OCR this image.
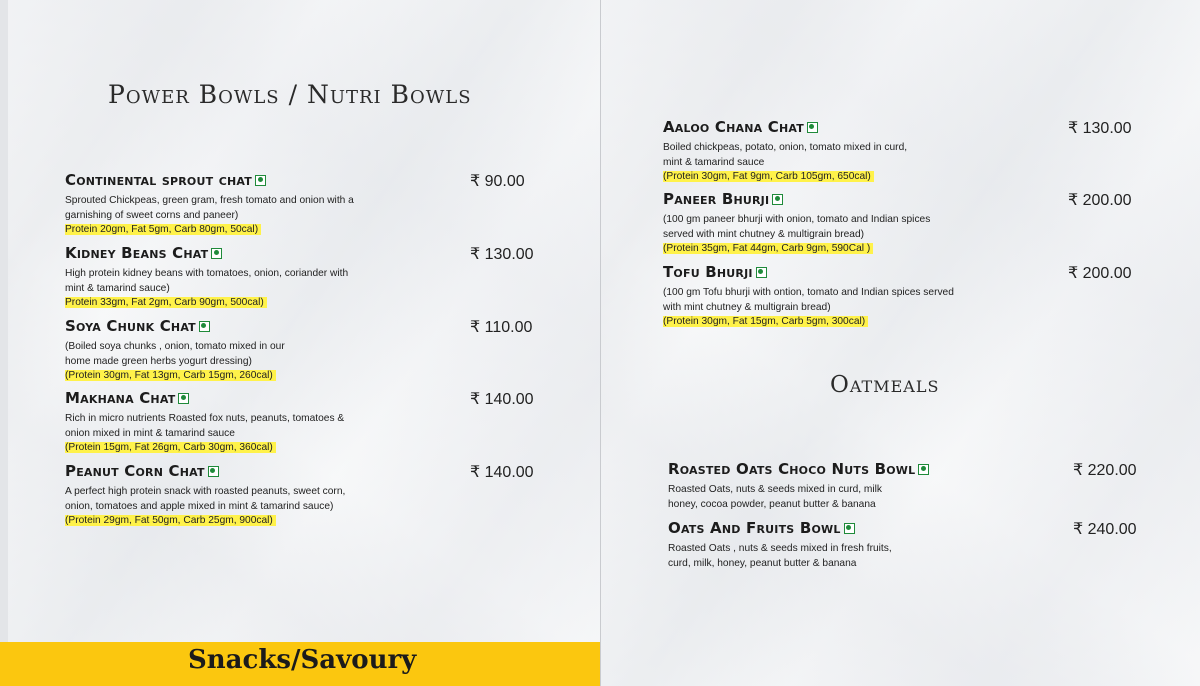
Power Bowls / Nutri Bowls
Continental sprout chat	₹ 90.00
Sprouted Chickpeas, green gram, fresh tomato and onion with a garnishing of sweet corns and paneer)
Protein 20gm, Fat 5gm, Carb 80gm, 50cal)
Kidney Beans Chat	₹ 130.00
High protein kidney beans with tomatoes, onion, coriander with mint & tamarind sauce)
Protein 33gm, Fat 2gm, Carb 90gm, 500cal)
Soya Chunk Chat	₹ 110.00
(Boiled soya chunks , onion, tomato mixed in our home made green herbs yogurt dressing)
(Protein 30gm, Fat 13gm, Carb 15gm, 260cal)
Makhana Chat	₹ 140.00
Rich in micro nutrients Roasted fox nuts, peanuts, tomatoes & onion mixed in mint & tamarind sauce
(Protein 15gm, Fat 26gm, Carb 30gm, 360cal)
Peanut Corn Chat	₹ 140.00
A perfect high protein snack with roasted peanuts, sweet corn, onion, tomatoes and apple mixed in mint & tamarind sauce)
(Protein 29gm, Fat 50gm, Carb 25gm, 900cal)
Snacks/Savoury
Aaloo Chana Chat	₹ 130.00
Boiled chickpeas, potato, onion, tomato mixed in curd, mint & tamarind sauce
(Protein 30gm, Fat 9gm, Carb 105gm, 650cal)
Paneer Bhurji	₹ 200.00
(100 gm paneer bhurji with onion, tomato and Indian spices served with mint chutney & multigrain bread)
(Protein 35gm, Fat 44gm, Carb 9gm, 590Cal )
Tofu Bhurji	₹ 200.00
(100 gm Tofu bhurji with ontion, tomato and Indian spices served with mint chutney & multigrain bread)
(Protein 30gm, Fat 15gm, Carb 5gm, 300cal)
Oatmeals
Roasted Oats Choco Nuts Bowl	₹ 220.00
Roasted Oats, nuts & seeds mixed in curd, milk honey, cocoa powder, peanut butter & banana
Oats And Fruits Bowl	₹ 240.00
Roasted Oats , nuts & seeds mixed in fresh fruits, curd, milk, honey, peanut butter & banana
